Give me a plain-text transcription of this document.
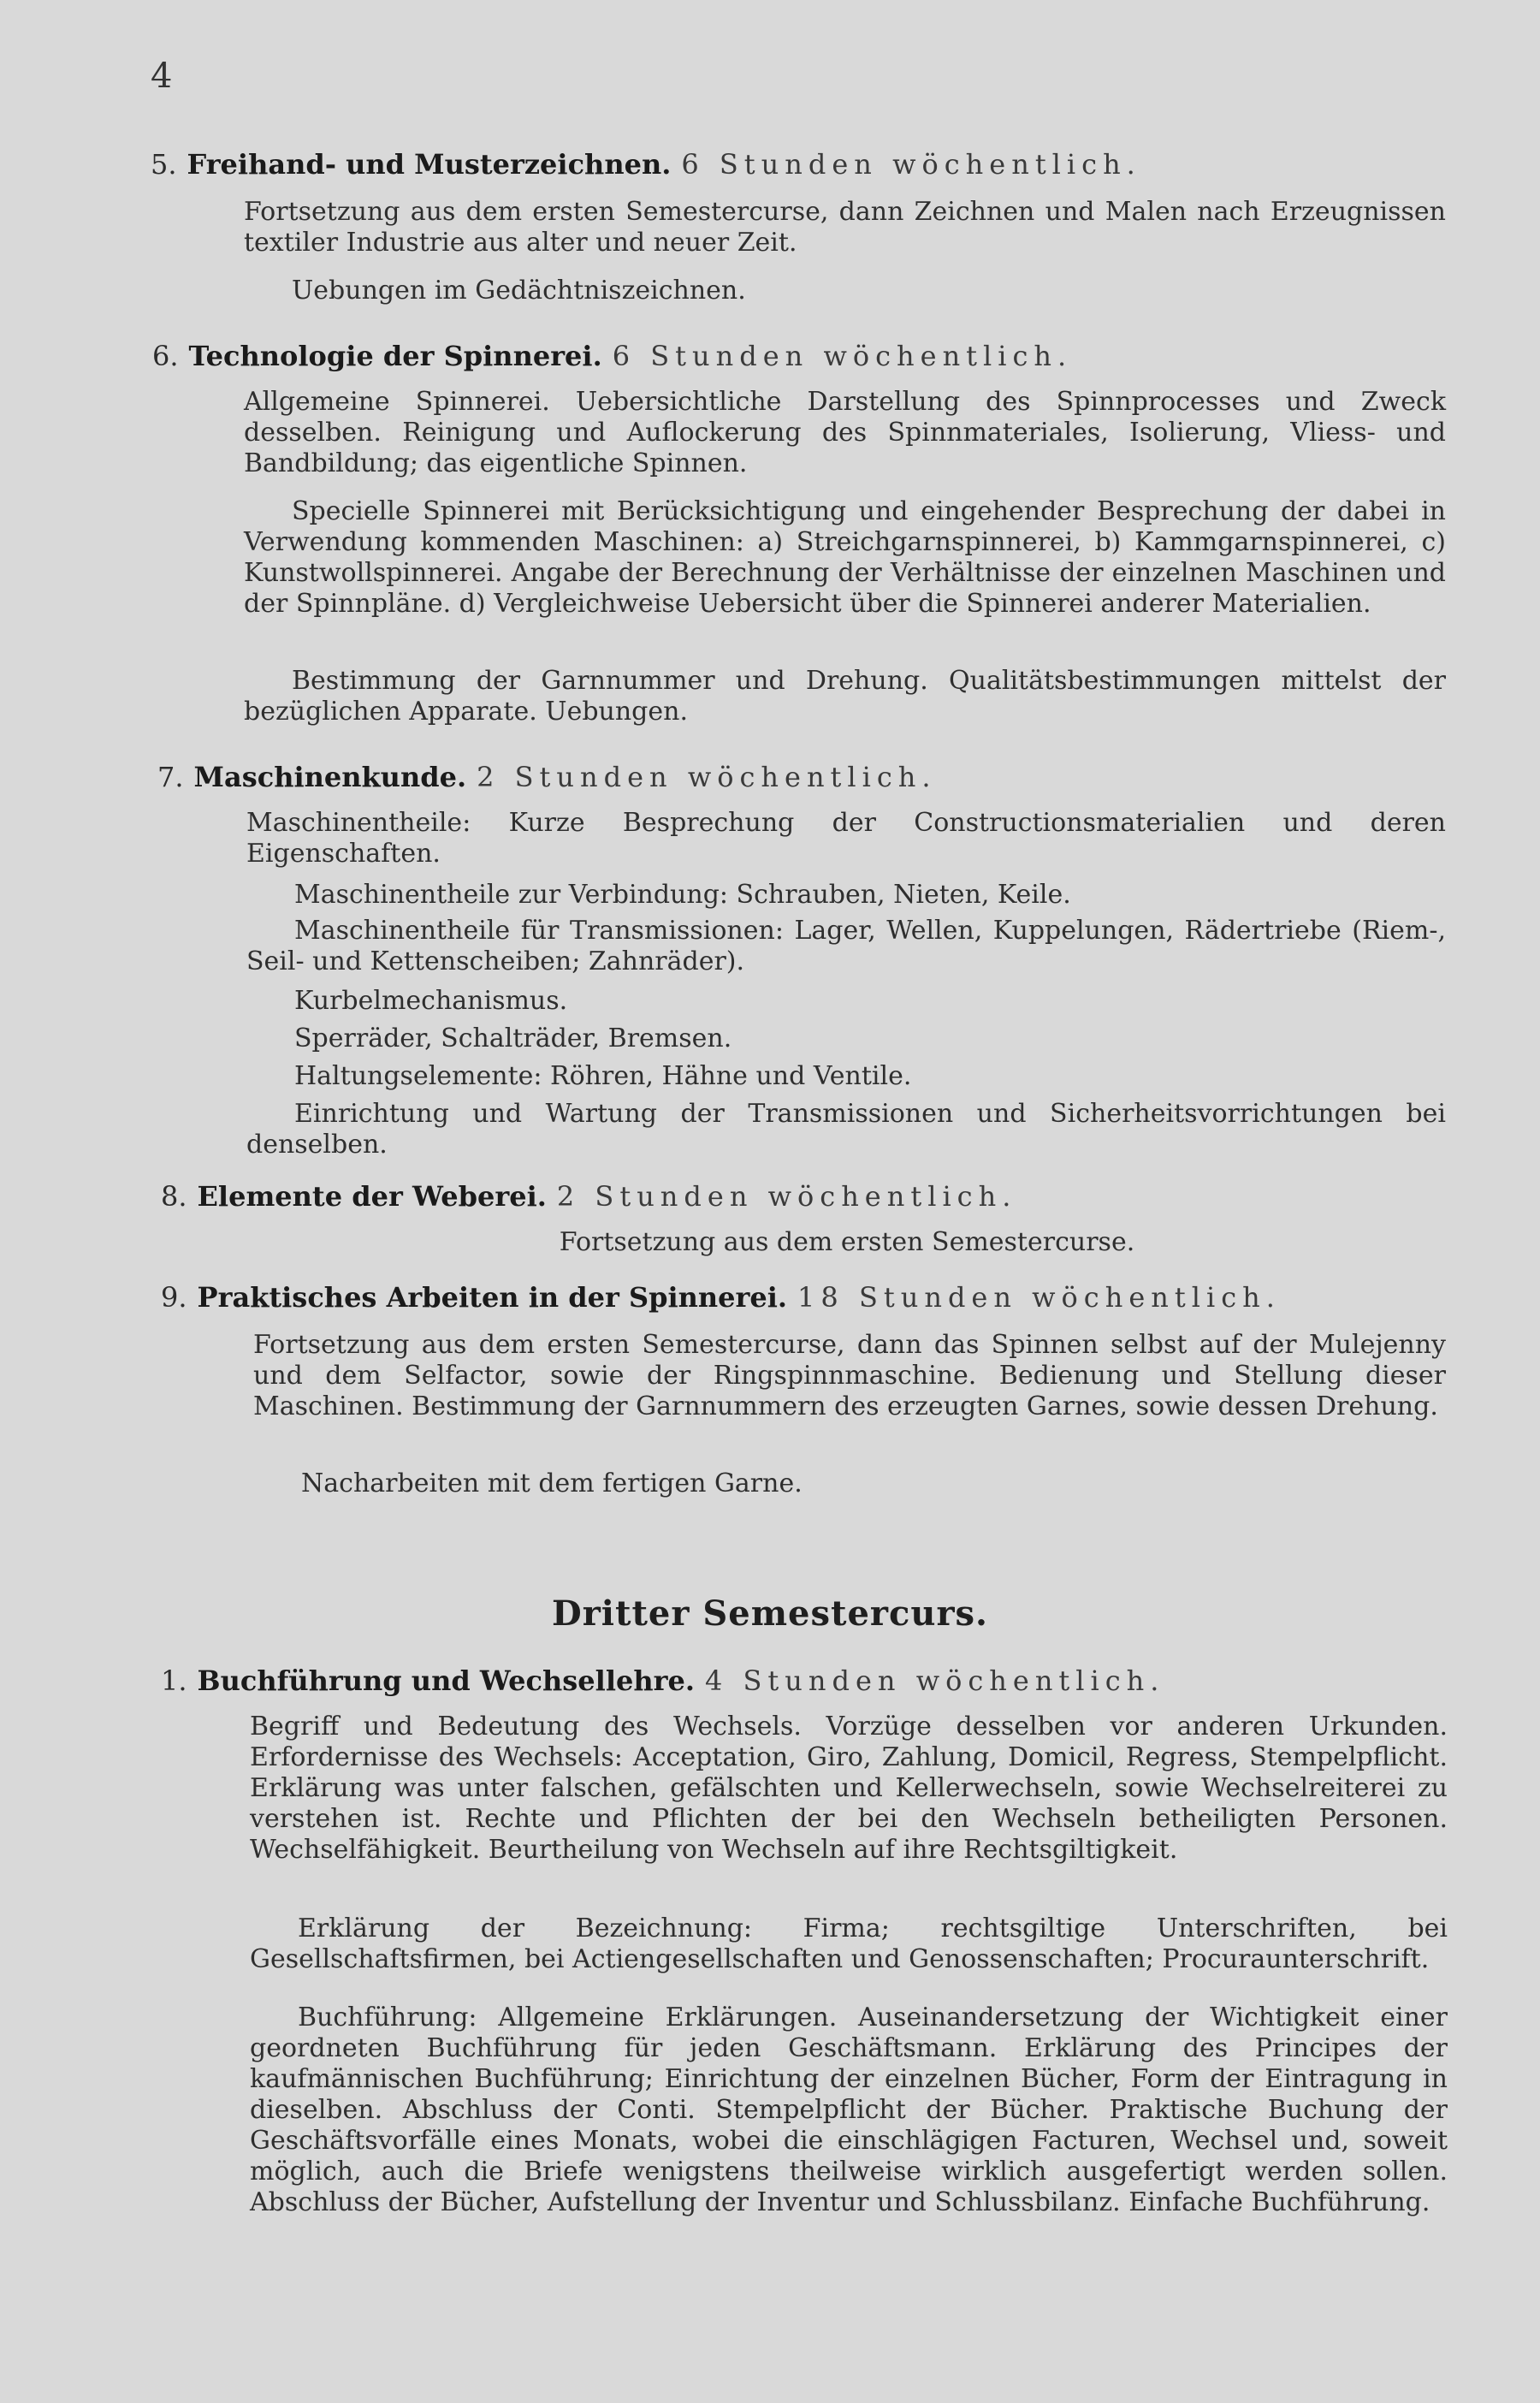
4
5. Freihand- und Musterzeichnen. 6 Stunden wöchentlich.
Fortsetzung aus dem ersten Semestercurse, dann Zeichnen und Malen nach Erzeugnissen textiler Industrie aus alter und neuer Zeit.
Uebungen im Gedächtniszeichnen.
6. Technologie der Spinnerei. 6 Stunden wöchentlich.
Allgemeine Spinnerei. Uebersichtliche Darstellung des Spinnprocesses und Zweck desselben. Reinigung und Auflockerung des Spinnmateriales, Isolierung, Vliess- und Bandbildung; das eigentliche Spinnen.
Specielle Spinnerei mit Berücksichtigung und eingehender Besprechung der dabei in Verwendung kommenden Maschinen: a) Streichgarnspinnerei, b) Kammgarnspinnerei, c) Kunstwollspinnerei. Angabe der Berechnung der Verhältnisse der einzelnen Maschinen und der Spinnpläne. d) Vergleichweise Uebersicht über die Spinnerei anderer Materialien.
Bestimmung der Garnnummer und Drehung. Qualitätsbestimmungen mittelst der bezüglichen Apparate. Uebungen.
7. Maschinenkunde. 2 Stunden wöchentlich.
Maschinentheile: Kurze Besprechung der Constructionsmaterialien und deren Eigenschaften.
Maschinentheile zur Verbindung: Schrauben, Nieten, Keile.
Maschinentheile für Transmissionen: Lager, Wellen, Kuppelungen, Rädertriebe (Riem-, Seil- und Kettenscheiben; Zahnräder).
Kurbelmechanismus.
Sperräder, Schalträder, Bremsen.
Haltungselemente: Röhren, Hähne und Ventile.
Einrichtung und Wartung der Transmissionen und Sicherheitsvorrichtungen bei denselben.
8. Elemente der Weberei. 2 Stunden wöchentlich.
Fortsetzung aus dem ersten Semestercurse.
9. Praktisches Arbeiten in der Spinnerei. 18 Stunden wöchentlich.
Fortsetzung aus dem ersten Semestercurse, dann das Spinnen selbst auf der Mulejenny und dem Selfactor, sowie der Ringspinnmaschine. Bedienung und Stellung dieser Maschinen. Bestimmung der Garnnummern des erzeugten Garnes, sowie dessen Drehung.
Nacharbeiten mit dem fertigen Garne.
Dritter Semestercurs.
1. Buchführung und Wechsellehre. 4 Stunden wöchentlich.
Begriff und Bedeutung des Wechsels. Vorzüge desselben vor anderen Urkunden. Erfordernisse des Wechsels: Acceptation, Giro, Zahlung, Domicil, Regress, Stempelpflicht. Erklärung was unter falschen, gefälschten und Kellerwechseln, sowie Wechselreiterei zu verstehen ist. Rechte und Pflichten der bei den Wechseln betheiligten Personen. Wechselfähigkeit. Beurtheilung von Wechseln auf ihre Rechtsgiltigkeit.
Erklärung der Bezeichnung: Firma; rechtsgiltige Unterschriften, bei Gesellschaftsfirmen, bei Actiengesellschaften und Genossenschaften; Procuraunterschrift.
Buchführung: Allgemeine Erklärungen. Auseinandersetzung der Wichtigkeit einer geordneten Buchführung für jeden Geschäftsmann. Erklärung des Principes der kaufmännischen Buchführung; Einrichtung der einzelnen Bücher, Form der Eintragung in dieselben. Abschluss der Conti. Stempelpflicht der Bücher. Praktische Buchung der Geschäftsvorfälle eines Monats, wobei die einschlägigen Facturen, Wechsel und, soweit möglich, auch die Briefe wenigstens theilweise wirklich ausgefertigt werden sollen. Abschluss der Bücher, Aufstellung der Inventur und Schlussbilanz. Einfache Buchführung.
